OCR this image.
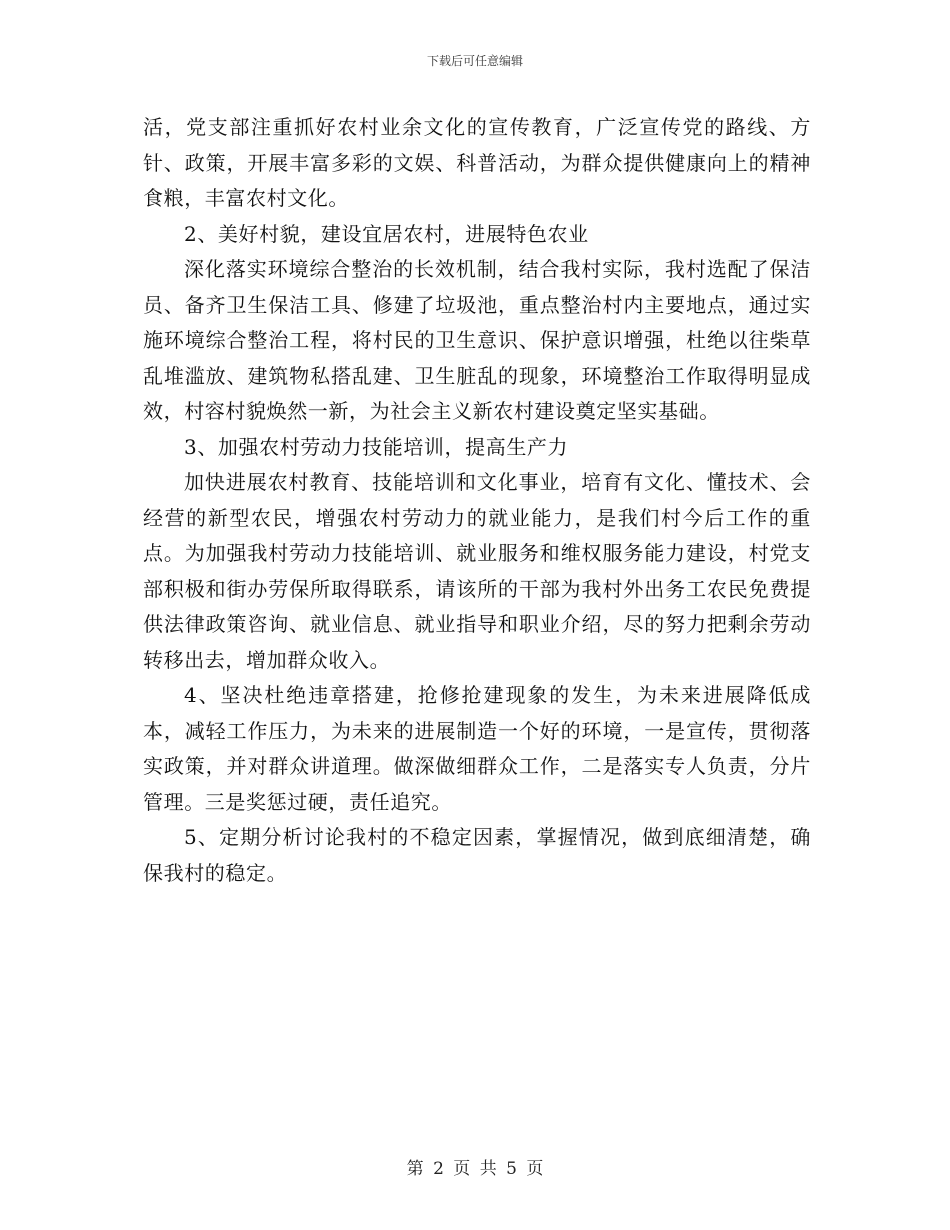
下载后可任意编辑

活，党支部注重抓好农村业余文化的宣传教育，广泛宣传党的路线、方针、政策，开展丰富多彩的文娱、科普活动，为群众提供健康向上的精神食粮，丰富农村文化。

2、美好村貌，建设宜居农村，进展特色农业

深化落实环境综合整治的长效机制，结合我村实际，我村选配了保洁员、备齐卫生保洁工具、修建了垃圾池，重点整治村内主要地点，通过实施环境综合整治工程，将村民的卫生意识、保护意识增强，杜绝以往柴草乱堆滥放、建筑物私搭乱建、卫生脏乱的现象，环境整治工作取得明显成效，村容村貌焕然一新，为社会主义新农村建设奠定坚实基础。

3、加强农村劳动力技能培训，提高生产力

加快进展农村教育、技能培训和文化事业，培育有文化、懂技术、会经营的新型农民，增强农村劳动力的就业能力，是我们村今后工作的重点。为加强我村劳动力技能培训、就业服务和维权服务能力建设，村党支部积极和街办劳保所取得联系，请该所的干部为我村外出务工农民免费提供法律政策咨询、就业信息、就业指导和职业介绍，尽的努力把剩余劳动转移出去，增加群众收入。

4、坚决杜绝违章搭建，抢修抢建现象的发生，为未来进展降低成本，减轻工作压力，为未来的进展制造一个好的环境，一是宣传，贯彻落实政策，并对群众讲道理。做深做细群众工作，二是落实专人负责，分片管理。三是奖惩过硬，责任追究。

5、定期分析讨论我村的不稳定因素，掌握情况，做到底细清楚，确保我村的稳定。

第 2 页 共 5 页
